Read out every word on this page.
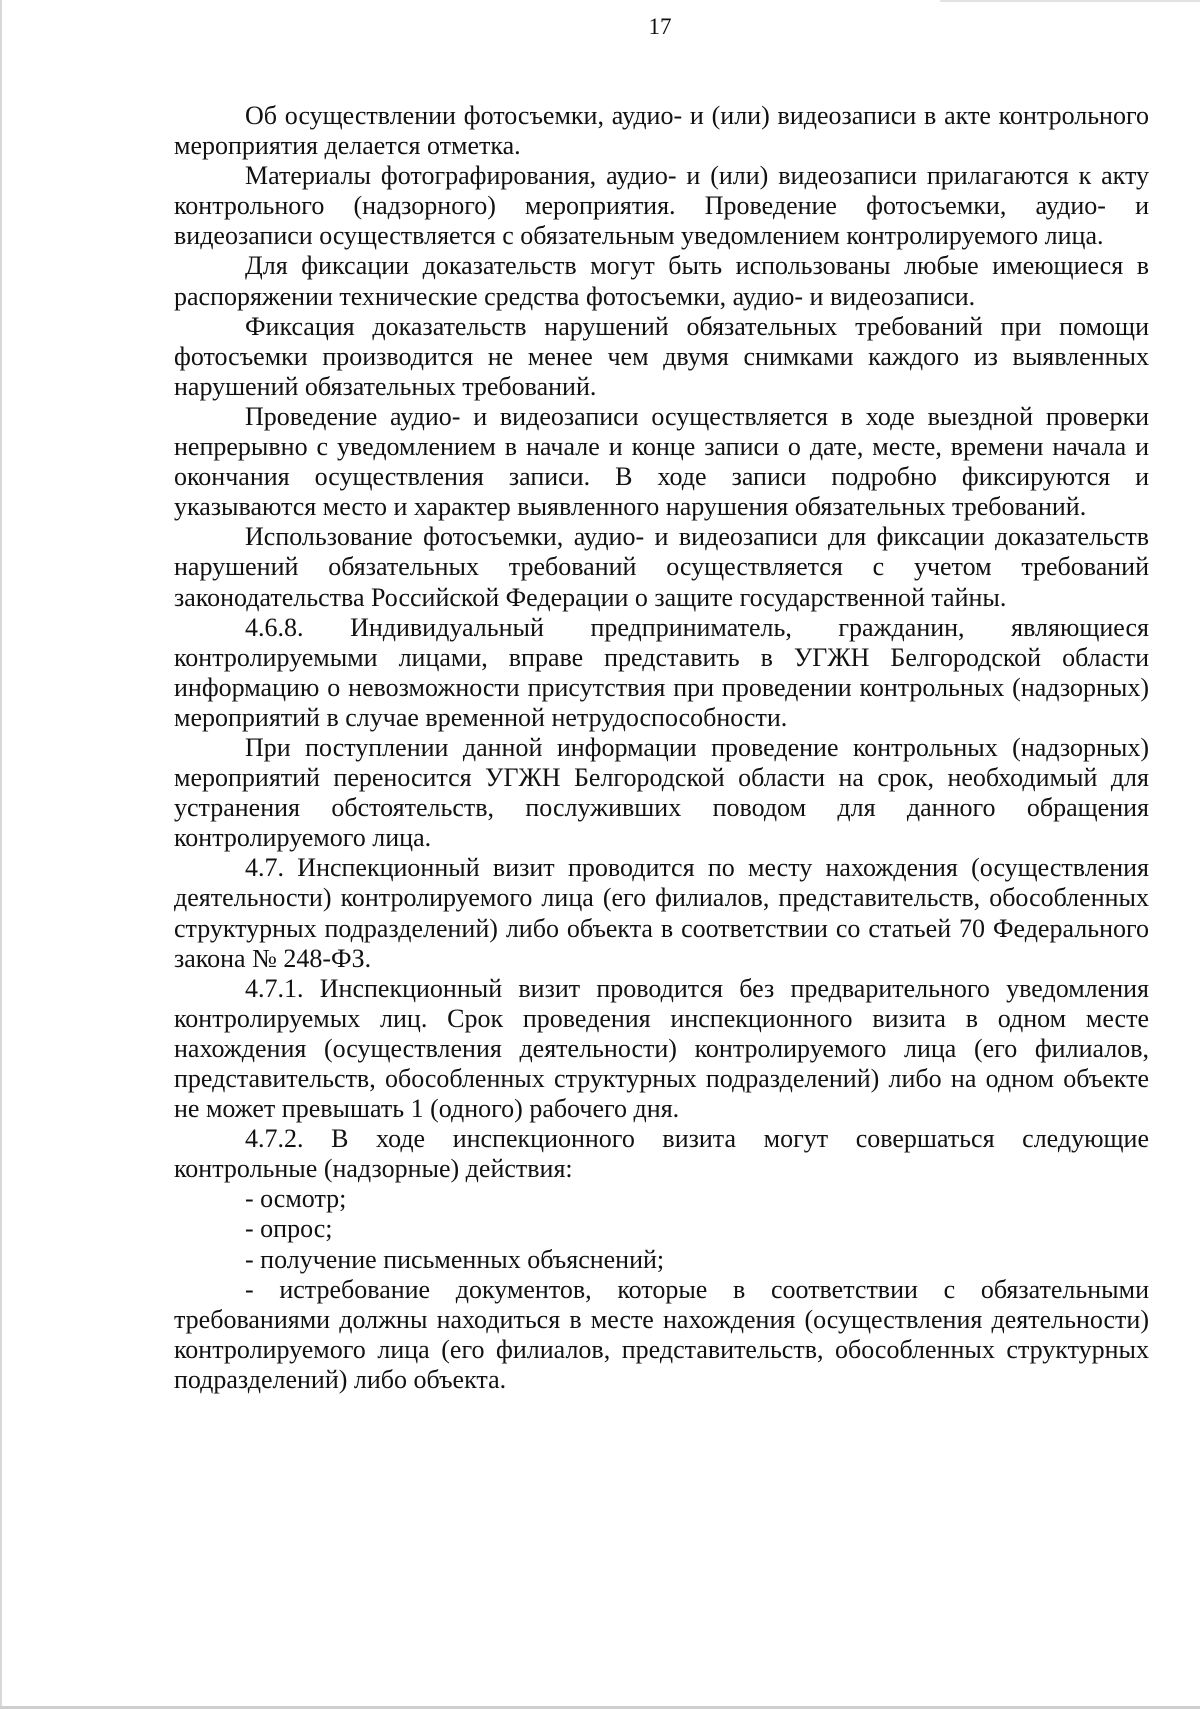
17

Об осуществлении фотосъемки, аудио- и (или) видеозаписи в акте контрольного мероприятия делается отметка.

Материалы фотографирования, аудио- и (или) видеозаписи прилагаются к акту контрольного (надзорного) мероприятия. Проведение фотосъемки, аудио- и видеозаписи осуществляется с обязательным уведомлением контролируемого лица.

Для фиксации доказательств могут быть использованы любые имеющиеся в распоряжении технические средства фотосъемки, аудио- и видеозаписи.

Фиксация доказательств нарушений обязательных требований при помощи фотосъемки производится не менее чем двумя снимками каждого из выявленных нарушений обязательных требований.

Проведение аудио- и видеозаписи осуществляется в ходе выездной проверки непрерывно с уведомлением в начале и конце записи о дате, месте, времени начала и окончания осуществления записи. В ходе записи подробно фиксируются и указываются место и характер выявленного нарушения обязательных требований.

Использование фотосъемки, аудио- и видеозаписи для фиксации доказательств нарушений обязательных требований осуществляется с учетом требований законодательства Российской Федерации о защите государственной тайны.

4.6.8. Индивидуальный предприниматель, гражданин, являющиеся контролируемыми лицами, вправе представить в УГЖН Белгородской области информацию о невозможности присутствия при проведении контрольных (надзорных) мероприятий в случае временной нетрудоспособности.

При поступлении данной информации проведение контрольных (надзорных) мероприятий переносится УГЖН Белгородской области на срок, необходимый для устранения обстоятельств, послуживших поводом для данного обращения контролируемого лица.

4.7. Инспекционный визит проводится по месту нахождения (осуществления деятельности) контролируемого лица (его филиалов, представительств, обособленных структурных подразделений) либо объекта в соответствии со статьей 70 Федерального закона № 248-ФЗ.

4.7.1. Инспекционный визит проводится без предварительного уведомления контролируемых лиц. Срок проведения инспекционного визита в одном месте нахождения (осуществления деятельности) контролируемого лица (его филиалов, представительств, обособленных структурных подразделений) либо на одном объекте не может превышать 1 (одного) рабочего дня.

4.7.2. В ходе инспекционного визита могут совершаться следующие контрольные (надзорные) действия:

- осмотр;

- опрос;

- получение письменных объяснений;

- истребование документов, которые в соответствии с обязательными требованиями должны находиться в месте нахождения (осуществления деятельности) контролируемого лица (его филиалов, представительств, обособленных структурных подразделений) либо объекта.
